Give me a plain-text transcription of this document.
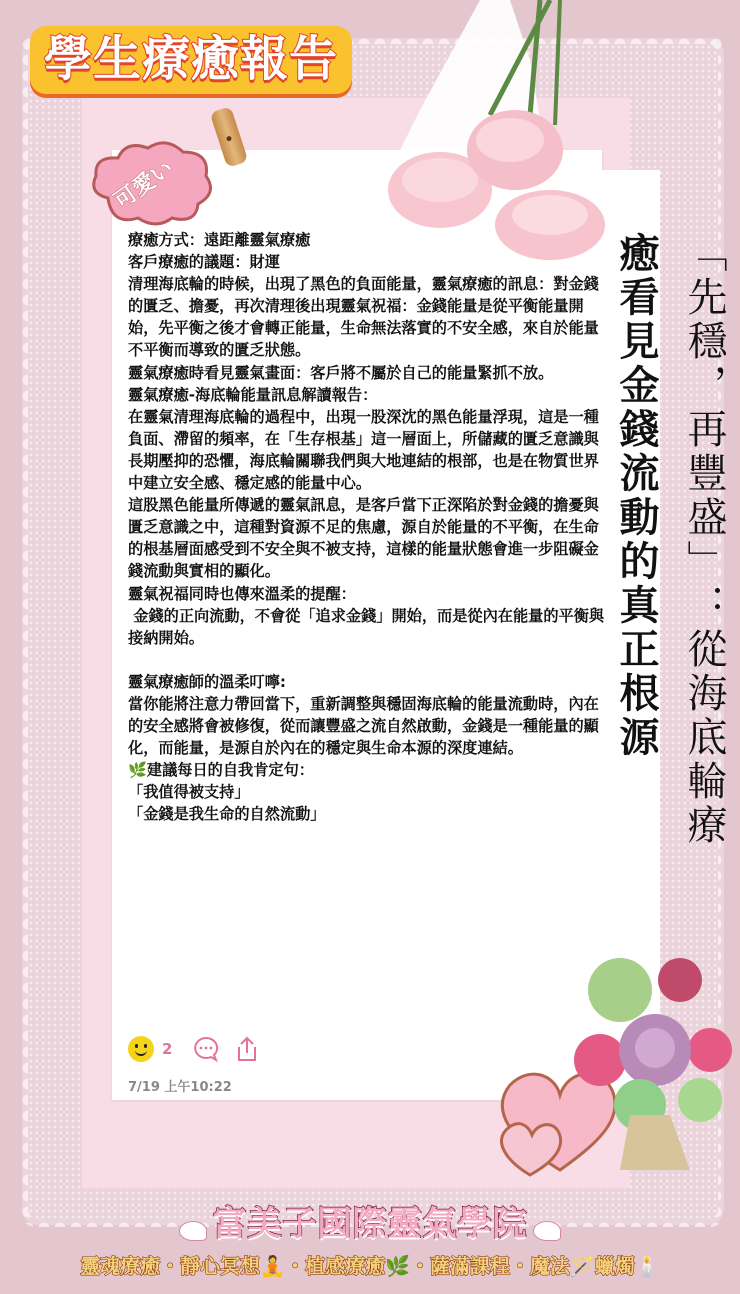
學生療癒報告
可愛い

療癒方式：遠距離靈氣療癒

客戶療癒的議題：財運

清理海底輪的時候，出現了黑色的負面能量，靈氣療癒的訊息：對金錢的匱乏、擔憂，再次清理後出現靈氣祝福：金錢能量是從平衡能量開始，先平衡之後才會轉正能量，生命無法落實的不安全感，來自於能量不平衡而導致的匱乏狀態。

靈氣療癒時看見靈氣畫面：客戶將不屬於自己的能量緊抓不放。

靈氣療癒-海底輪能量訊息解讀報告：

在靈氣清理海底輪的過程中，出現一股深沈的黑色能量浮現，這是一種負面、滯留的頻率，在「生存根基」這一層面上，所儲藏的匱乏意識與長期壓抑的恐懼，海底輪關聯我們與大地連結的根部，也是在物質世界中建立安全感、穩定感的能量中心。

這股黑色能量所傳遞的靈氣訊息，是客戶當下正深陷於對金錢的擔憂與匱乏意識之中，這種對資源不足的焦慮，源自於能量的不平衡，在生命的根基層面感受到不安全與不被支持，這樣的能量狀態會進一步阻礙金錢流動與實相的顯化。

靈氣祝福同時也傳來溫柔的提醒：

金錢的正向流動，不會從「追求金錢」開始，而是從內在能量的平衡與接納開始。

靈氣療癒師的溫柔叮嚀:

當你能將注意力帶回當下，重新調整與穩固海底輪的能量流動時，內在的安全感將會被修復，從而讓豐盛之流自然啟動，金錢是一種能量的顯化，而能量，是源自於內在的穩定與生命本源的深度連結。

🌿建議每日的自我肯定句：

「我值得被支持」

「金錢是我生命的自然流動」

2
7/19 上午10:22
癒看見金錢流動的真正根源 「先穩，再豐盛」：從海底輪療
富美子國際靈氣學院
靈魂療癒・靜心冥想🧘・植感療癒🌿・薩滿課程・魔法🪄蠟燭🕯️
